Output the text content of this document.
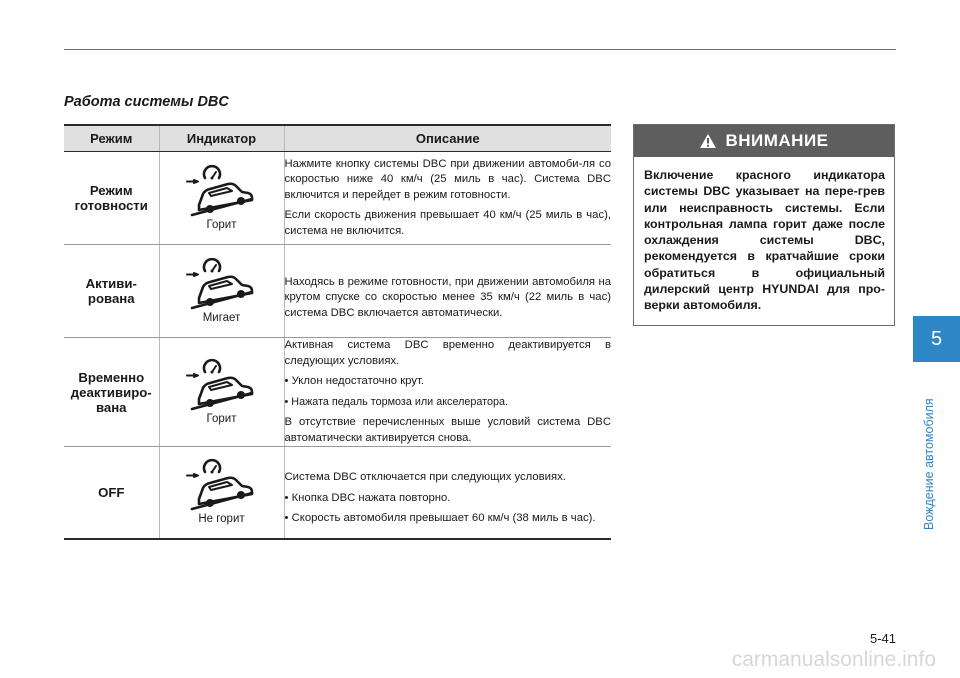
Работа системы DBC
Режим	Индикатор	Описание
Режим готовности	Горит	Нажмите кнопку системы DBC при движении автомоби-ля со скоростью ниже 40 км/ч (25 миль в час). Система DBC включится и перейдет в режим готовности.

Если скорость движения превышает 40 км/ч (25 миль в час), система не включится.

Активи-рована	Мигает	Находясь в режиме готовности, при движении автомобиля на крутом спуске со скоростью менее 35 км/ч (22 миль в час) система DBC включается автоматически.

Временно деактивиро-вана	Горит	Активная система DBC временно деактивируется в следующих условиях.

• Уклон недостаточно крут.

• Нажата педаль тормоза или акселератора.

В отсутствие перечисленных выше условий система DBC автоматически активируется снова.

OFF	Не горит	Система DBC отключается при следующих условиях.

• Кнопка DBC нажата повторно.

• Скорость автомобиля превышает 60 км/ч (38 миль в час).

ВНИМАНИЕ
Включение красного индикатора системы DBC указывает на пере-грев или неисправность системы. Если контрольная лампа горит даже после охлаждения системы DBC, рекомендуется в кратчайшие сроки обратиться в официальный дилерский центр HYUNDAI для про-верки автомобиля.
5
Вождение автомобиля
5-41
carmanualsonline.info
